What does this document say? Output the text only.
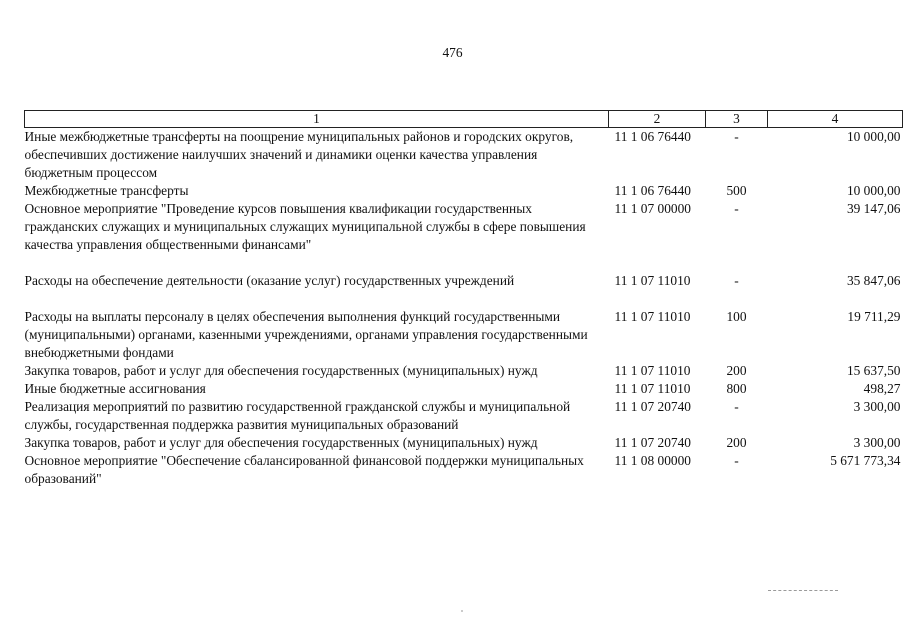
476
1	2	3	4
Иные межбюджетные трансферты на поощрение муниципальных районов и городских округов, обеспечивших достижение наилучших значений и динамики оценки качества управления бюджетным процессом	11 1 06 76440	-	10 000,00
Межбюджетные трансферты	11 1 06 76440	500	10 000,00
Основное мероприятие "Проведение курсов повышения квалификации государственных гражданских служащих и муниципальных служащих муниципальной службы в сфере повышения качества управления общественными финансами"	11 1 07 00000	-	39 147,06
Расходы на обеспечение деятельности (оказание услуг) государственных учреждений	11 1 07 11010	-	35 847,06
Расходы на выплаты персоналу в целях обеспечения выполнения функций государственными (муниципальными) органами, казенными учреждениями, органами управления государственными внебюджетными фондами	11 1 07 11010	100	19 711,29
Закупка товаров, работ и услуг для обеспечения государственных (муниципальных) нужд	11 1 07 11010	200	15 637,50
Иные бюджетные ассигнования	11 1 07 11010	800	498,27
Реализация мероприятий по развитию государственной гражданской службы и муниципальной службы, государственная поддержка развития муниципальных образований	11 1 07 20740	-	3 300,00
Закупка товаров, работ и услуг для обеспечения государственных (муниципальных) нужд	11 1 07 20740	200	3 300,00
Основное мероприятие "Обеспечение сбалансированной финансовой поддержки муниципальных образований"	11 1 08 00000	-	5 671 773,34
